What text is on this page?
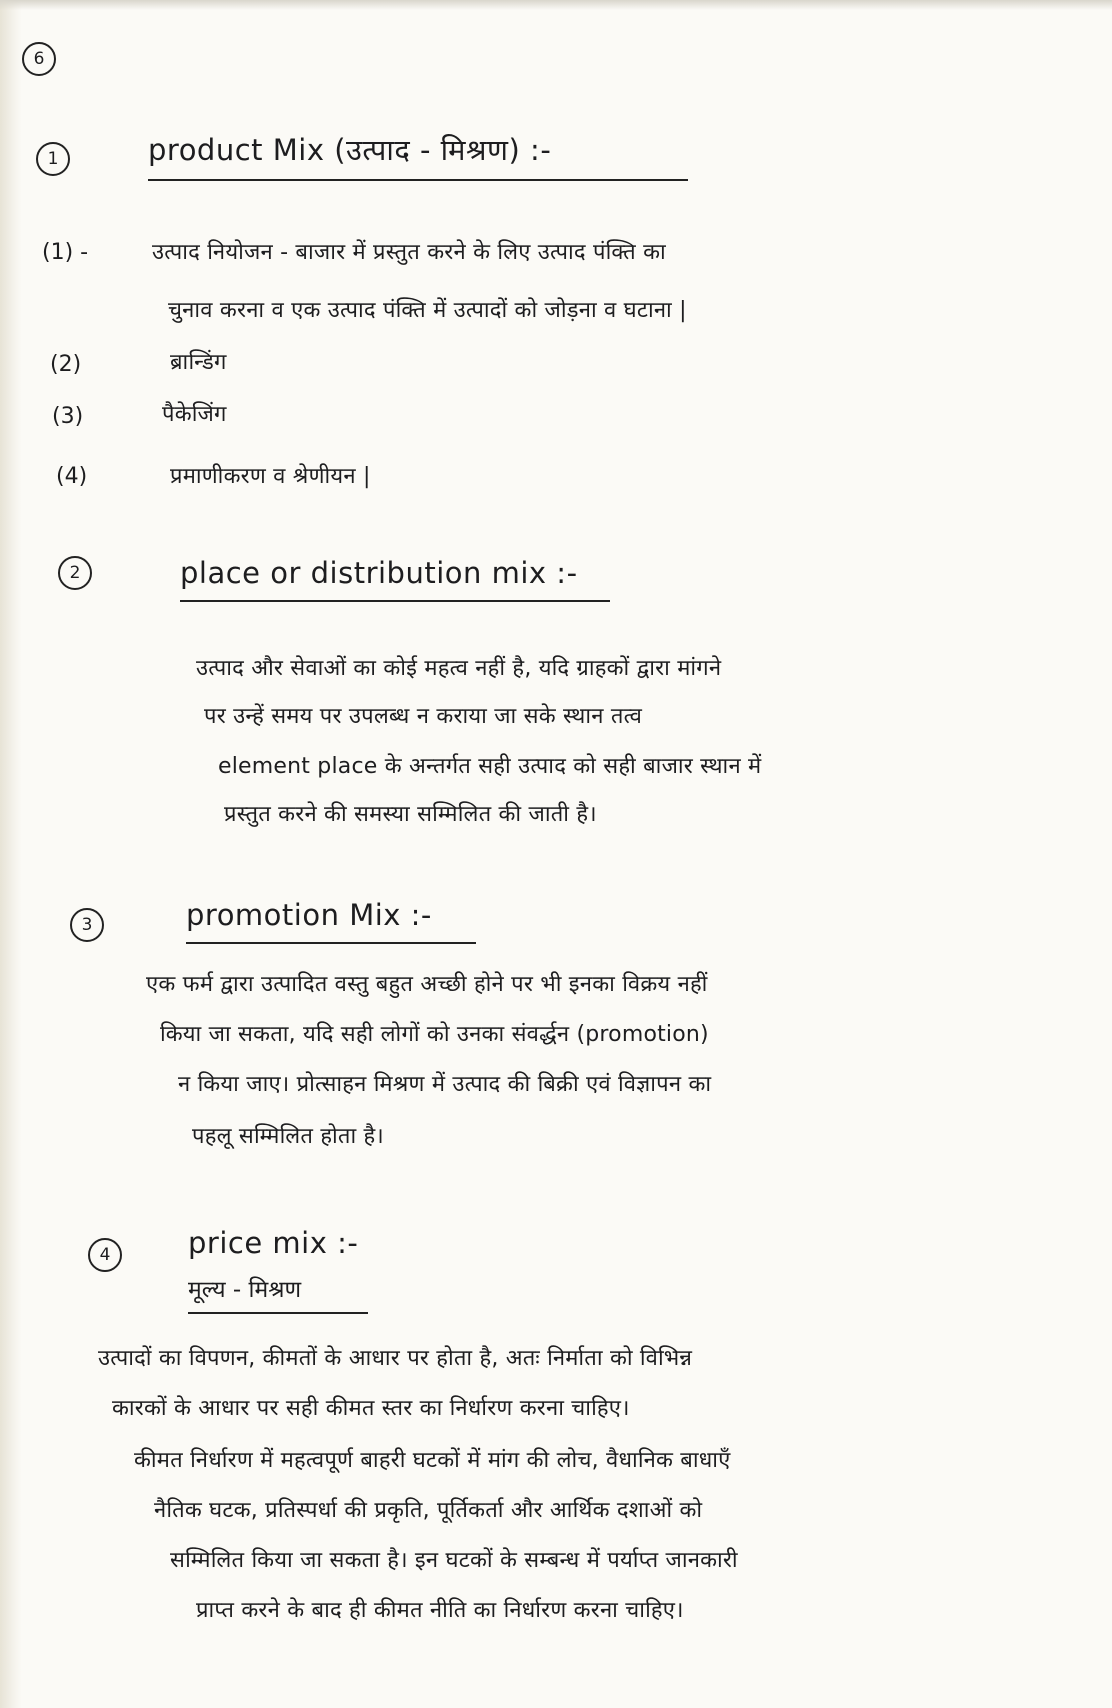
6
1	product Mix (उत्पाद - मिश्रण) :-
(1) -	उत्पाद नियोजन - बाजार में प्रस्तुत करने के लिए उत्पाद पंक्ति का
चुनाव करना व एक उत्पाद पंक्ति में उत्पादों को जोड़ना व घटाना |
(2)	ब्रान्डिंग
(3)	पैकेजिंग
(4)	प्रमाणीकरण व श्रेणीयन |
2	place or distribution mix :-
उत्पाद और सेवाओं का कोई महत्व नहीं है, यदि ग्राहकों द्वारा मांगने
पर उन्हें समय पर उपलब्ध न कराया जा सके स्थान तत्व
element place के अन्तर्गत सही उत्पाद को सही बाजार स्थान में
प्रस्तुत करने की समस्या सम्मिलित की जाती है।
3	promotion Mix :-
एक फर्म द्वारा उत्पादित वस्तु बहुत अच्छी होने पर भी इनका विक्रय नहीं
किया जा सकता, यदि सही लोगों को उनका संवर्द्धन (promotion)
न किया जाए। प्रोत्साहन मिश्रण में उत्पाद की बिक्री एवं विज्ञापन का
पहलू सम्मिलित होता है।
4	price mix :-
मूल्य - मिश्रण
उत्पादों का विपणन, कीमतों के आधार पर होता है, अतः निर्माता को विभिन्न
कारकों के आधार पर सही कीमत स्तर का निर्धारण करना चाहिए।
कीमत निर्धारण में महत्वपूर्ण बाहरी घटकों में मांग की लोच, वैधानिक बाधाएँ
नैतिक घटक, प्रतिस्पर्धा की प्रकृति, पूर्तिकर्ता और आर्थिक दशाओं को
सम्मिलित किया जा सकता है। इन घटकों के सम्बन्ध में पर्याप्त जानकारी
प्राप्त करने के बाद ही कीमत नीति का निर्धारण करना चाहिए।
